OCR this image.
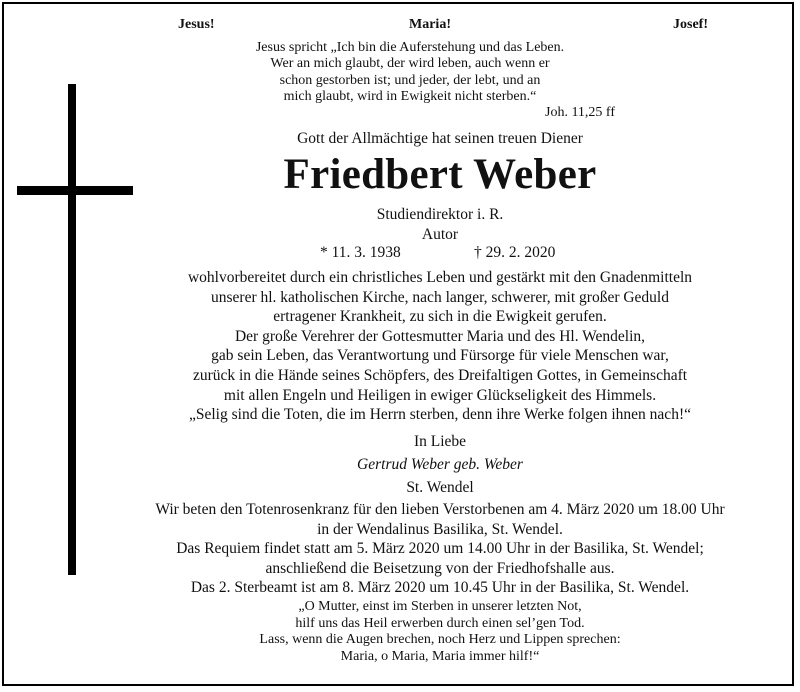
Jesus!	Maria!	Josef!
Jesus spricht „Ich bin die Auferstehung und das Leben.
Wer an mich glaubt, der wird leben, auch wenn er
schon gestorben ist; und jeder, der lebt, und an
mich glaubt, wird in Ewigkeit nicht sterben.“
Joh. 11,25 ff
Gott der Allmächtige hat seinen treuen Diener
Friedbert Weber
Studiendirektor i. R.
Autor
* 11. 3. 1938	† 29. 2. 2020
wohlvorbereitet durch ein christliches Leben und gestärkt mit den Gnadenmitteln
unserer hl. katholischen Kirche, nach langer, schwerer, mit großer Geduld
ertragener Krankheit, zu sich in die Ewigkeit gerufen.
Der große Verehrer der Gottesmutter Maria und des Hl. Wendelin,
gab sein Leben, das Verantwortung und Fürsorge für viele Menschen war,
zurück in die Hände seines Schöpfers, des Dreifaltigen Gottes, in Gemeinschaft
mit allen Engeln und Heiligen in ewiger Glückseligkeit des Himmels.
„Selig sind die Toten, die im Herrn sterben, denn ihre Werke folgen ihnen nach!“
In Liebe
Gertrud Weber geb. Weber
St. Wendel
Wir beten den Totenrosenkranz für den lieben Verstorbenen am 4. März 2020 um 18.00 Uhr
in der Wendalinus Basilika, St. Wendel.
Das Requiem findet statt am 5. März 2020 um 14.00 Uhr in der Basilika, St. Wendel;
anschließend die Beisetzung von der Friedhofshalle aus.
Das 2. Sterbeamt ist am 8. März 2020 um 10.45 Uhr in der Basilika, St. Wendel.
„O Mutter, einst im Sterben in unserer letzten Not,
hilf uns das Heil erwerben durch einen sel’gen Tod.
Lass, wenn die Augen brechen, noch Herz und Lippen sprechen:
Maria, o Maria, Maria immer hilf!“
